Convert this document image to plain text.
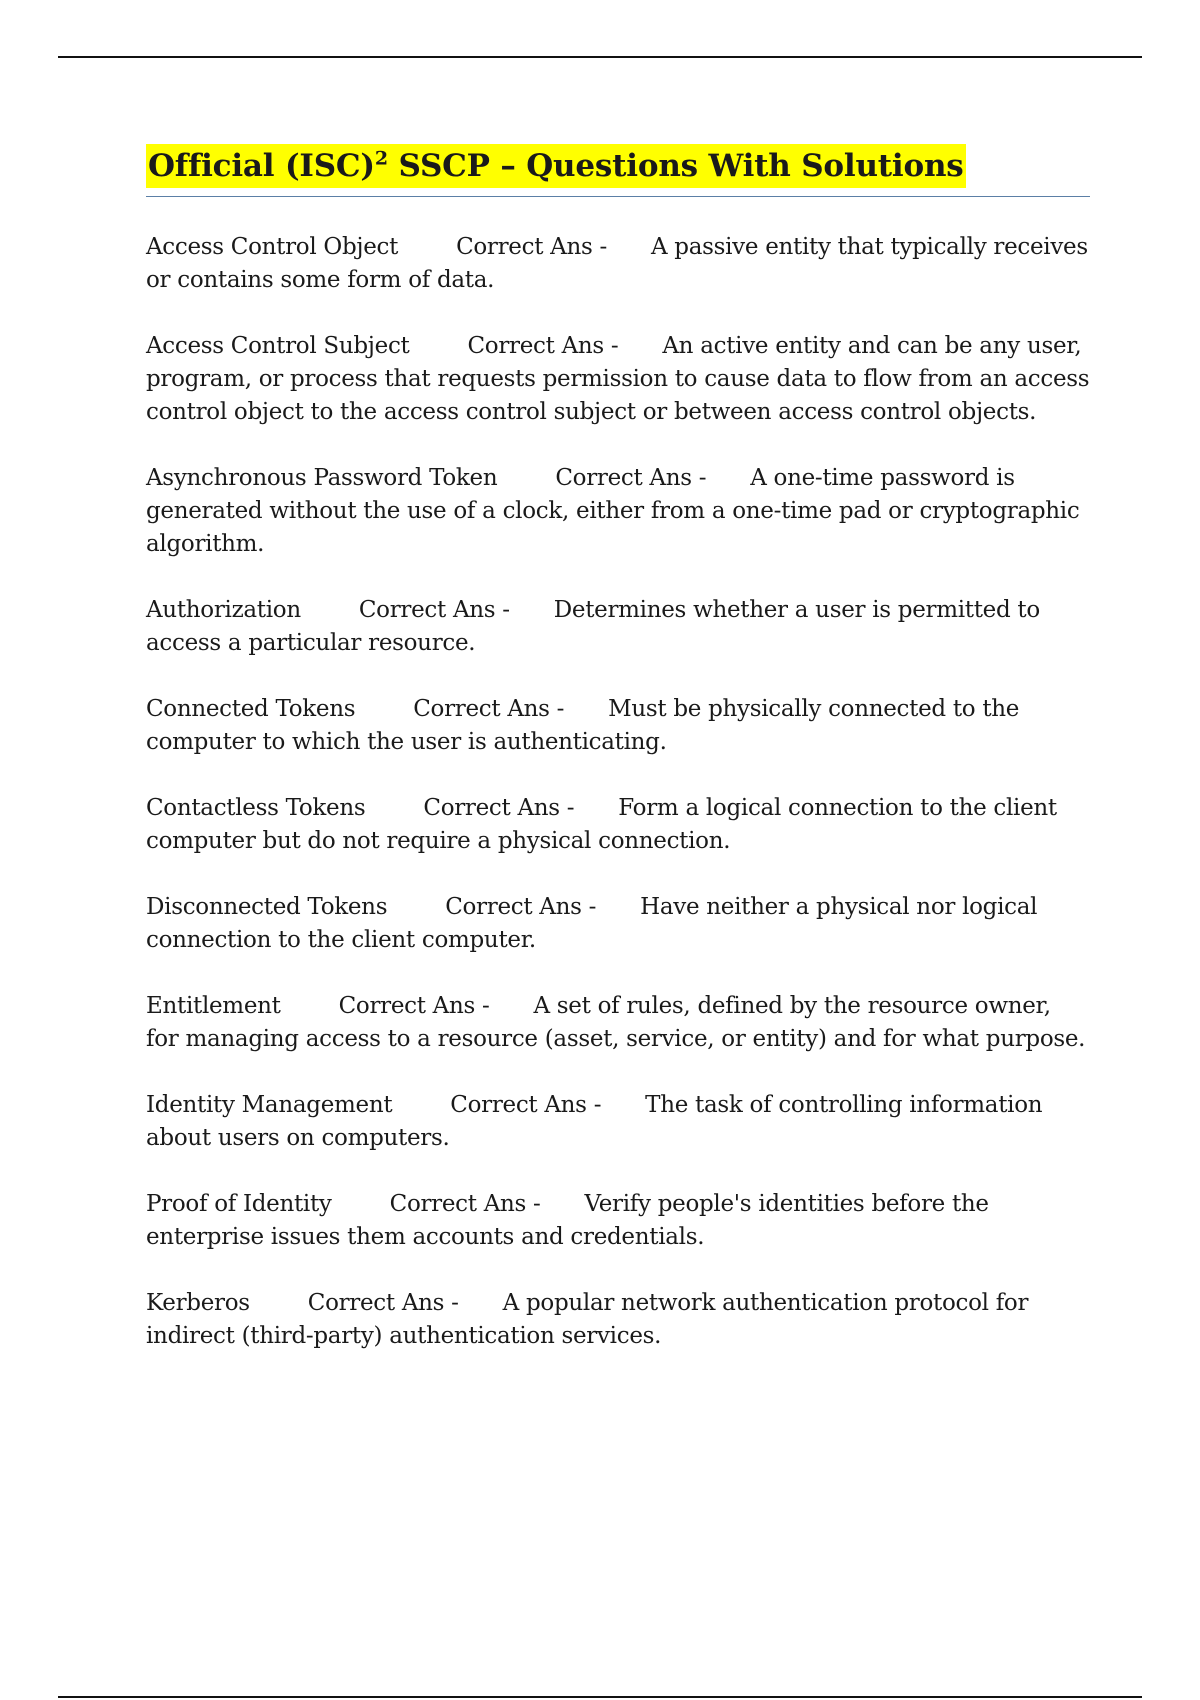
Official (ISC)$^2$ SSCP – Questions With Solutions

Access Control Object	Correct Ans - A passive entity that typically receives or contains some form of data.

Access Control Subject	Correct Ans - An active entity and can be any user, program, or process that requests permission to cause data to flow from an access control object to the access control subject or between access control objects.

Asynchronous Password Token	Correct Ans - A one-time password is generated without the use of a clock, either from a one-time pad or cryptographic algorithm.

Authorization	Correct Ans - Determines whether a user is permitted to access a particular resource.

Connected Tokens	Correct Ans - Must be physically connected to the computer to which the user is authenticating.

Contactless Tokens	Correct Ans - Form a logical connection to the client computer but do not require a physical connection.

Disconnected Tokens	Correct Ans - Have neither a physical nor logical connection to the client computer.

Entitlement	Correct Ans - A set of rules, defined by the resource owner, for managing access to a resource (asset, service, or entity) and for what purpose.

Identity Management	Correct Ans - The task of controlling information about users on computers.

Proof of Identity	Correct Ans - Verify people's identities before the enterprise issues them accounts and credentials.

Kerberos	Correct Ans - A popular network authentication protocol for indirect (third-party) authentication services.
